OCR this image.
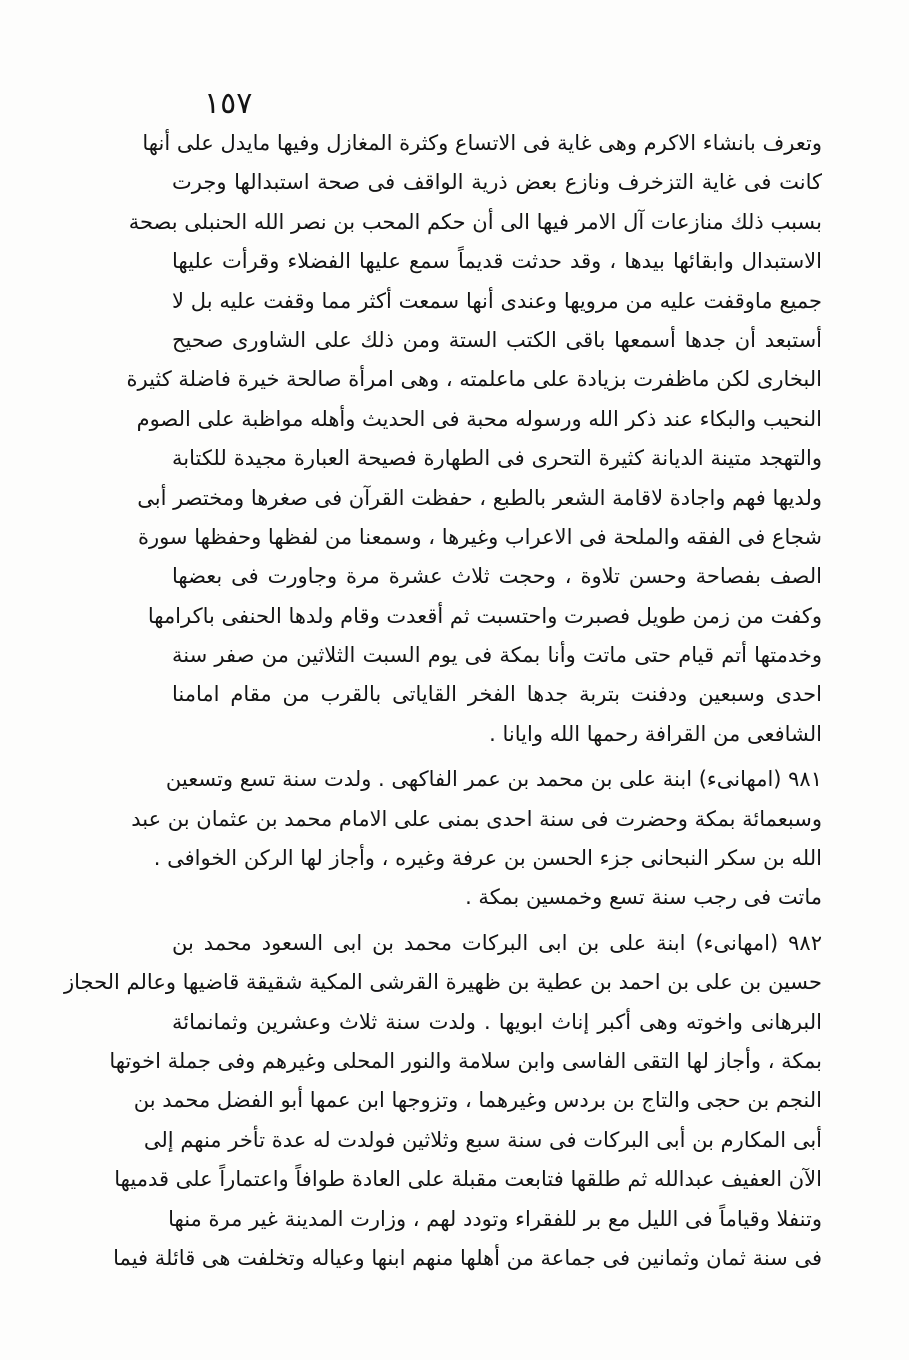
١٥٧
وتعرف بانشاء الاكرم وهى غاية فى الاتساع وكثرة المغازل وفيها مايدل على أنها
كانت فى غاية التزخرف ونازع بعض ذرية الواقف فى صحة استبدالها وجرت
بسبب ذلك منازعات آل الامر فيها الى أن حكم المحب بن نصر الله الحنبلى بصحة
الاستبدال وابقائها بيدها ، وقد حدثت قديماً سمع عليها الفضلاء وقرأت عليها
جميع ماوقفت عليه من مرويها وعندى أنها سمعت أكثر مما وقفت عليه بل لا
أستبعد أن جدها أسمعها باقى الكتب الستة ومن ذلك على الشاورى صحيح
البخارى لكن ماظفرت بزيادة على ماعلمته ، وهى امرأة صالحة خيرة فاضلة كثيرة
النحيب والبكاء عند ذكر الله ورسوله محبة فى الحديث وأهله مواظبة على الصوم
والتهجد متينة الديانة كثيرة التحرى فى الطهارة فصيحة العبارة مجيدة للكتابة
ولديها فهم واجادة لاقامة الشعر بالطبع ، حفظت القرآن فى صغرها ومختصر أبى
شجاع فى الفقه والملحة فى الاعراب وغيرها ، وسمعنا من لفظها وحفظها سورة
الصف بفصاحة وحسن تلاوة ، وحجت ثلاث عشرة مرة وجاورت فى بعضها
وكفت من زمن طويل فصبرت واحتسبت ثم أقعدت وقام ولدها الحنفى باكرامها
وخدمتها أتم قيام حتى ماتت وأنا بمكة فى يوم السبت الثلاثين من صفر سنة
احدى وسبعين ودفنت بتربة جدها الفخر القاياتى بالقرب من مقام امامنا
الشافعى من القرافة رحمها الله وايانا .
٩٨١ (امهانىء) ابنة على بن محمد بن عمر الفاكهى . ولدت سنة تسع وتسعين
وسبعمائة بمكة وحضرت فى سنة احدى بمنى على الامام محمد بن عثمان بن عبد
الله بن سكر النبحانى جزء الحسن بن عرفة وغيره ، وأجاز لها الركن الخوافى .
ماتت فى رجب سنة تسع وخمسين بمكة .
٩٨٢ (امهانىء) ابنة على بن ابى البركات محمد بن ابى السعود محمد بن
حسين بن على بن احمد بن عطية بن ظهيرة القرشى المكية شقيقة قاضيها وعالم الحجاز
البرهانى واخوته وهى أكبر إناث ابويها . ولدت سنة ثلاث وعشرين وثمانمائة
بمكة ، وأجاز لها التقى الفاسى وابن سلامة والنور المحلى وغيرهم وفى جملة اخوتها
النجم بن حجى والتاج بن بردس وغيرهما ، وتزوجها ابن عمها أبو الفضل محمد بن
أبى المكارم بن أبى البركات فى سنة سبع وثلاثين فولدت له عدة تأخر منهم إلى
الآن العفيف عبدالله ثم طلقها فتابعت مقبلة على العادة طوافاً واعتماراً على قدميها
وتنفلا وقياماً فى الليل مع بر للفقراء وتودد لهم ، وزارت المدينة غير مرة منها
فى سنة ثمان وثمانين فى جماعة من أهلها منهم ابنها وعياله وتخلفت هى قائلة فيما
